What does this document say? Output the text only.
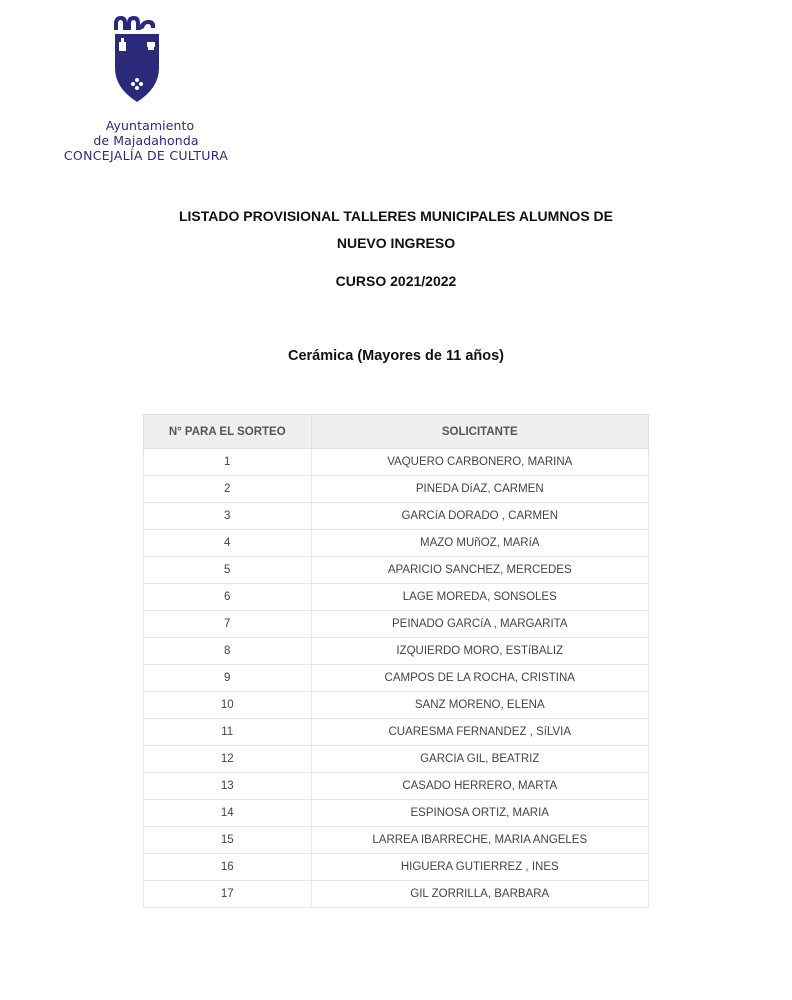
Ayuntamiento
de Majadahonda
CONCEJALÍA DE CULTURA
LISTADO PROVISIONAL TALLERES MUNICIPALES ALUMNOS DE
NUEVO INGRESO
CURSO 2021/2022
Cerámica (Mayores de 11 años)
N° PARA EL SORTEO	SOLICITANTE
1	VAQUERO CARBONERO, MARINA
2	PINEDA DíAZ, CARMEN
3	GARCíA DORADO , CARMEN
4	MAZO MUñOZ, MARíA
5	APARICIO SANCHEZ, MERCEDES
6	LAGE MOREDA, SONSOLES
7	PEINADO GARCíA , MARGARITA
8	IZQUIERDO MORO, ESTíBALIZ
9	CAMPOS DE LA ROCHA, CRISTINA
10	SANZ MORENO, ELENA
11	CUARESMA FERNANDEZ , SíLVIA
12	GARCIA GIL, BEATRIZ
13	CASADO HERRERO, MARTA
14	ESPINOSA ORTIZ, MARIA
15	LARREA IBARRECHE, MARIA ANGELES
16	HIGUERA GUTIERREZ , INES
17	GIL ZORRILLA, BARBARA
